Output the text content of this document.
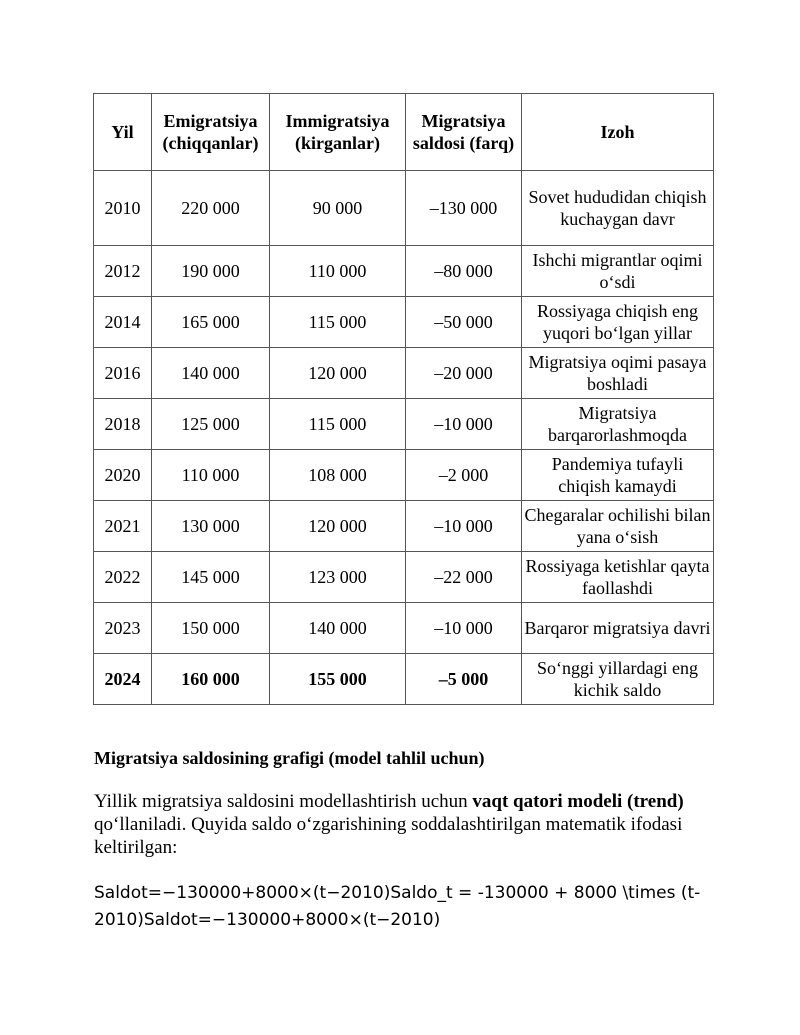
Yil	Emigratsiya (chiqqanlar)	Immigratsiya (kirganlar)	Migratsiya saldosi (farq)	Izoh
2010	220 000	90 000	–130 000	Sovet hududidan chiqish kuchaygan davr
2012	190 000	110 000	–80 000	Ishchi migrantlar oqimi o‘sdi
2014	165 000	115 000	–50 000	Rossiyaga chiqish eng yuqori bo‘lgan yillar
2016	140 000	120 000	–20 000	Migratsiya oqimi pasaya boshladi
2018	125 000	115 000	–10 000	Migratsiya barqarorlashmoqda
2020	110 000	108 000	–2 000	Pandemiya tufayli chiqish kamaydi
2021	130 000	120 000	–10 000	Chegaralar ochilishi bilan yana o‘sish
2022	145 000	123 000	–22 000	Rossiyaga ketishlar qayta faollashdi
2023	150 000	140 000	–10 000	Barqaror migratsiya davri
2024	160 000	155 000	–5 000	So‘nggi yillardagi eng kichik saldo
Migratsiya saldosining grafigi (model tahlil uchun)
Yillik migratsiya saldosini modellashtirish uchun vaqt qatori modeli (trend) qo‘llaniladi. Quyida saldo o‘zgarishining soddalashtirilgan matematik ifodasi keltirilgan:
Saldot=−130000+8000×(t−2010)Saldo_t = -130000 + 8000 \times (t-2010)Saldot=−130000+8000×(t−2010)
